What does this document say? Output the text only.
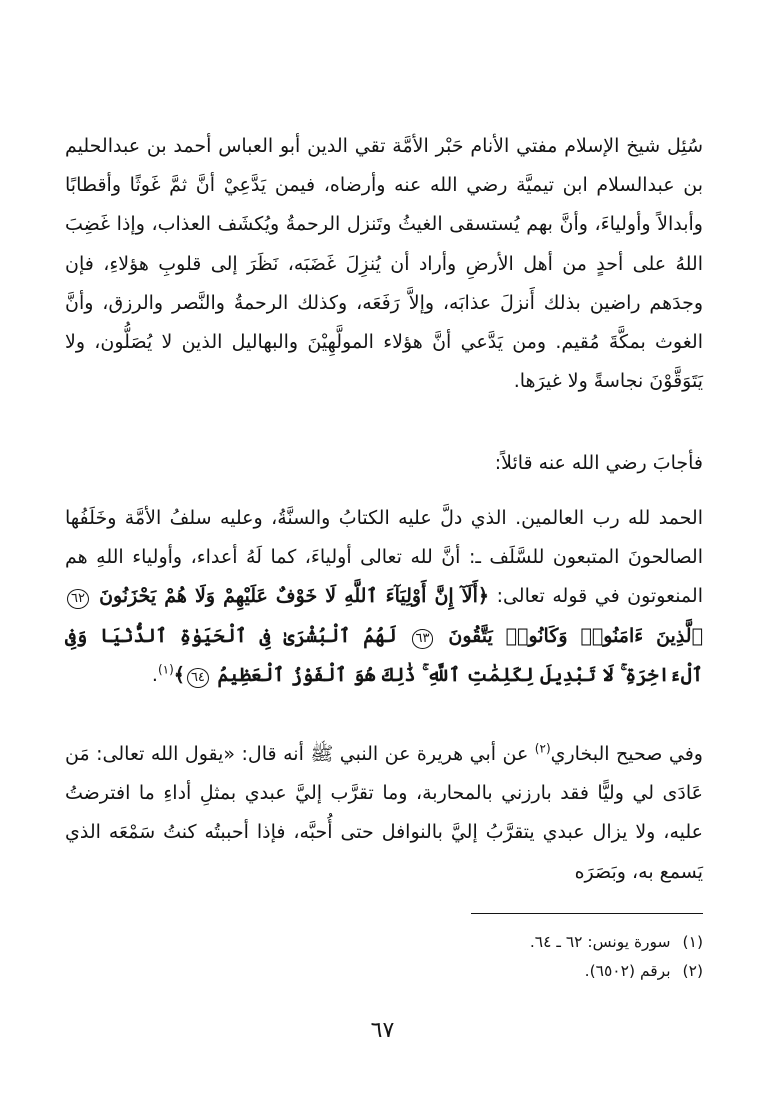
سُئِل شيخ الإسلام مفتي الأنام حَبْر الأمَّة تقي الدين أبو العباس أحمد بن عبدالحليم بن عبدالسلام ابن تيميَّة رضي الله عنه وأرضاه، فيمن يَدَّعِيْ أنَّ ثمَّ غَوثًا وأقطابًا وأبدالاً وأولياءَ، وأنَّ بهم يُستسقى الغيثُ وتَنزل الرحمةُ ويُكشَف العذاب، وإذا غَضِبَ اللهُ على أحدٍ من أهل الأرضِ وأراد أن يُنزِلَ غَضَبَه، نَظَرَ إلى قلوبِ هؤلاءِ، فإن وجدَهم راضين بذلك أَنزلَ عذابَه، وإلاَّ رَفَعَه، وكذلك الرحمةُ والنَّصر والرزق، وأنَّ الغوث بمكَّةَ مُقيم. ومن يَدَّعي أنَّ هؤلاء المولَّهِيْنَ والبهاليل الذين لا يُصَلُّون، ولا يَتَوَقَّوْنَ نجاسةً ولا غيرَها.

فأجابَ رضي الله عنه قائلاً:

الحمد لله رب العالمين. الذي دلَّ عليه الكتابُ والسنَّةُ، وعليه سلفُ الأمَّة وخَلَفُها الصالحونَ المتبعون للسَّلَف ـ: أنَّ لله تعالى أولياءَ، كما لَهُ أعداء، وأولياء اللهِ هم المنعوتون في قوله تعالى: ﴿أَلَآ إِنَّ أَوْلِيَآءَ ٱللَّهِ لَا خَوْفٌ عَلَيْهِمْ وَلَا هُمْ يَحْزَنُونَ ٦٢ ٱلَّذِينَ ءَامَنُوا۟ وَكَانُوا۟ يَتَّقُونَ ٦٣ لَهُمُ ٱلْبُشْرَىٰ فِى ٱلْحَيَوٰةِ ٱلدُّنْيَا وَفِى ٱلْءَاخِرَةِ ۚ لَا تَبْدِيلَ لِكَلِمَٰتِ ٱللَّهِ ۚ ذَٰلِكَ هُوَ ٱلْفَوْزُ ٱلْعَظِيمُ ٦٤﴾$^{(١)}$.

وفي صحيح البخاري$^{(٢)}$ عن أبي هريرة عن النبي ﷺ أنه قال: «يقول الله تعالى: مَن عَادَى لي وليًّا فقد بارزني بالمحاربة، وما تقرَّب إليَّ عبدي بمثلِ أداءِ ما افترضتُ عليه، ولا يزال عبدي يتقرَّبُ إليَّ بالنوافل حتى أُحبَّه، فإذا أحببتُه كنتُ سَمْعَه الذي يَسمع به، وبَصَرَه

(١)سورة يونس: ٦٢ ـ ٦٤.
(٢)برقم (٦٥٠٢).
٦٧
